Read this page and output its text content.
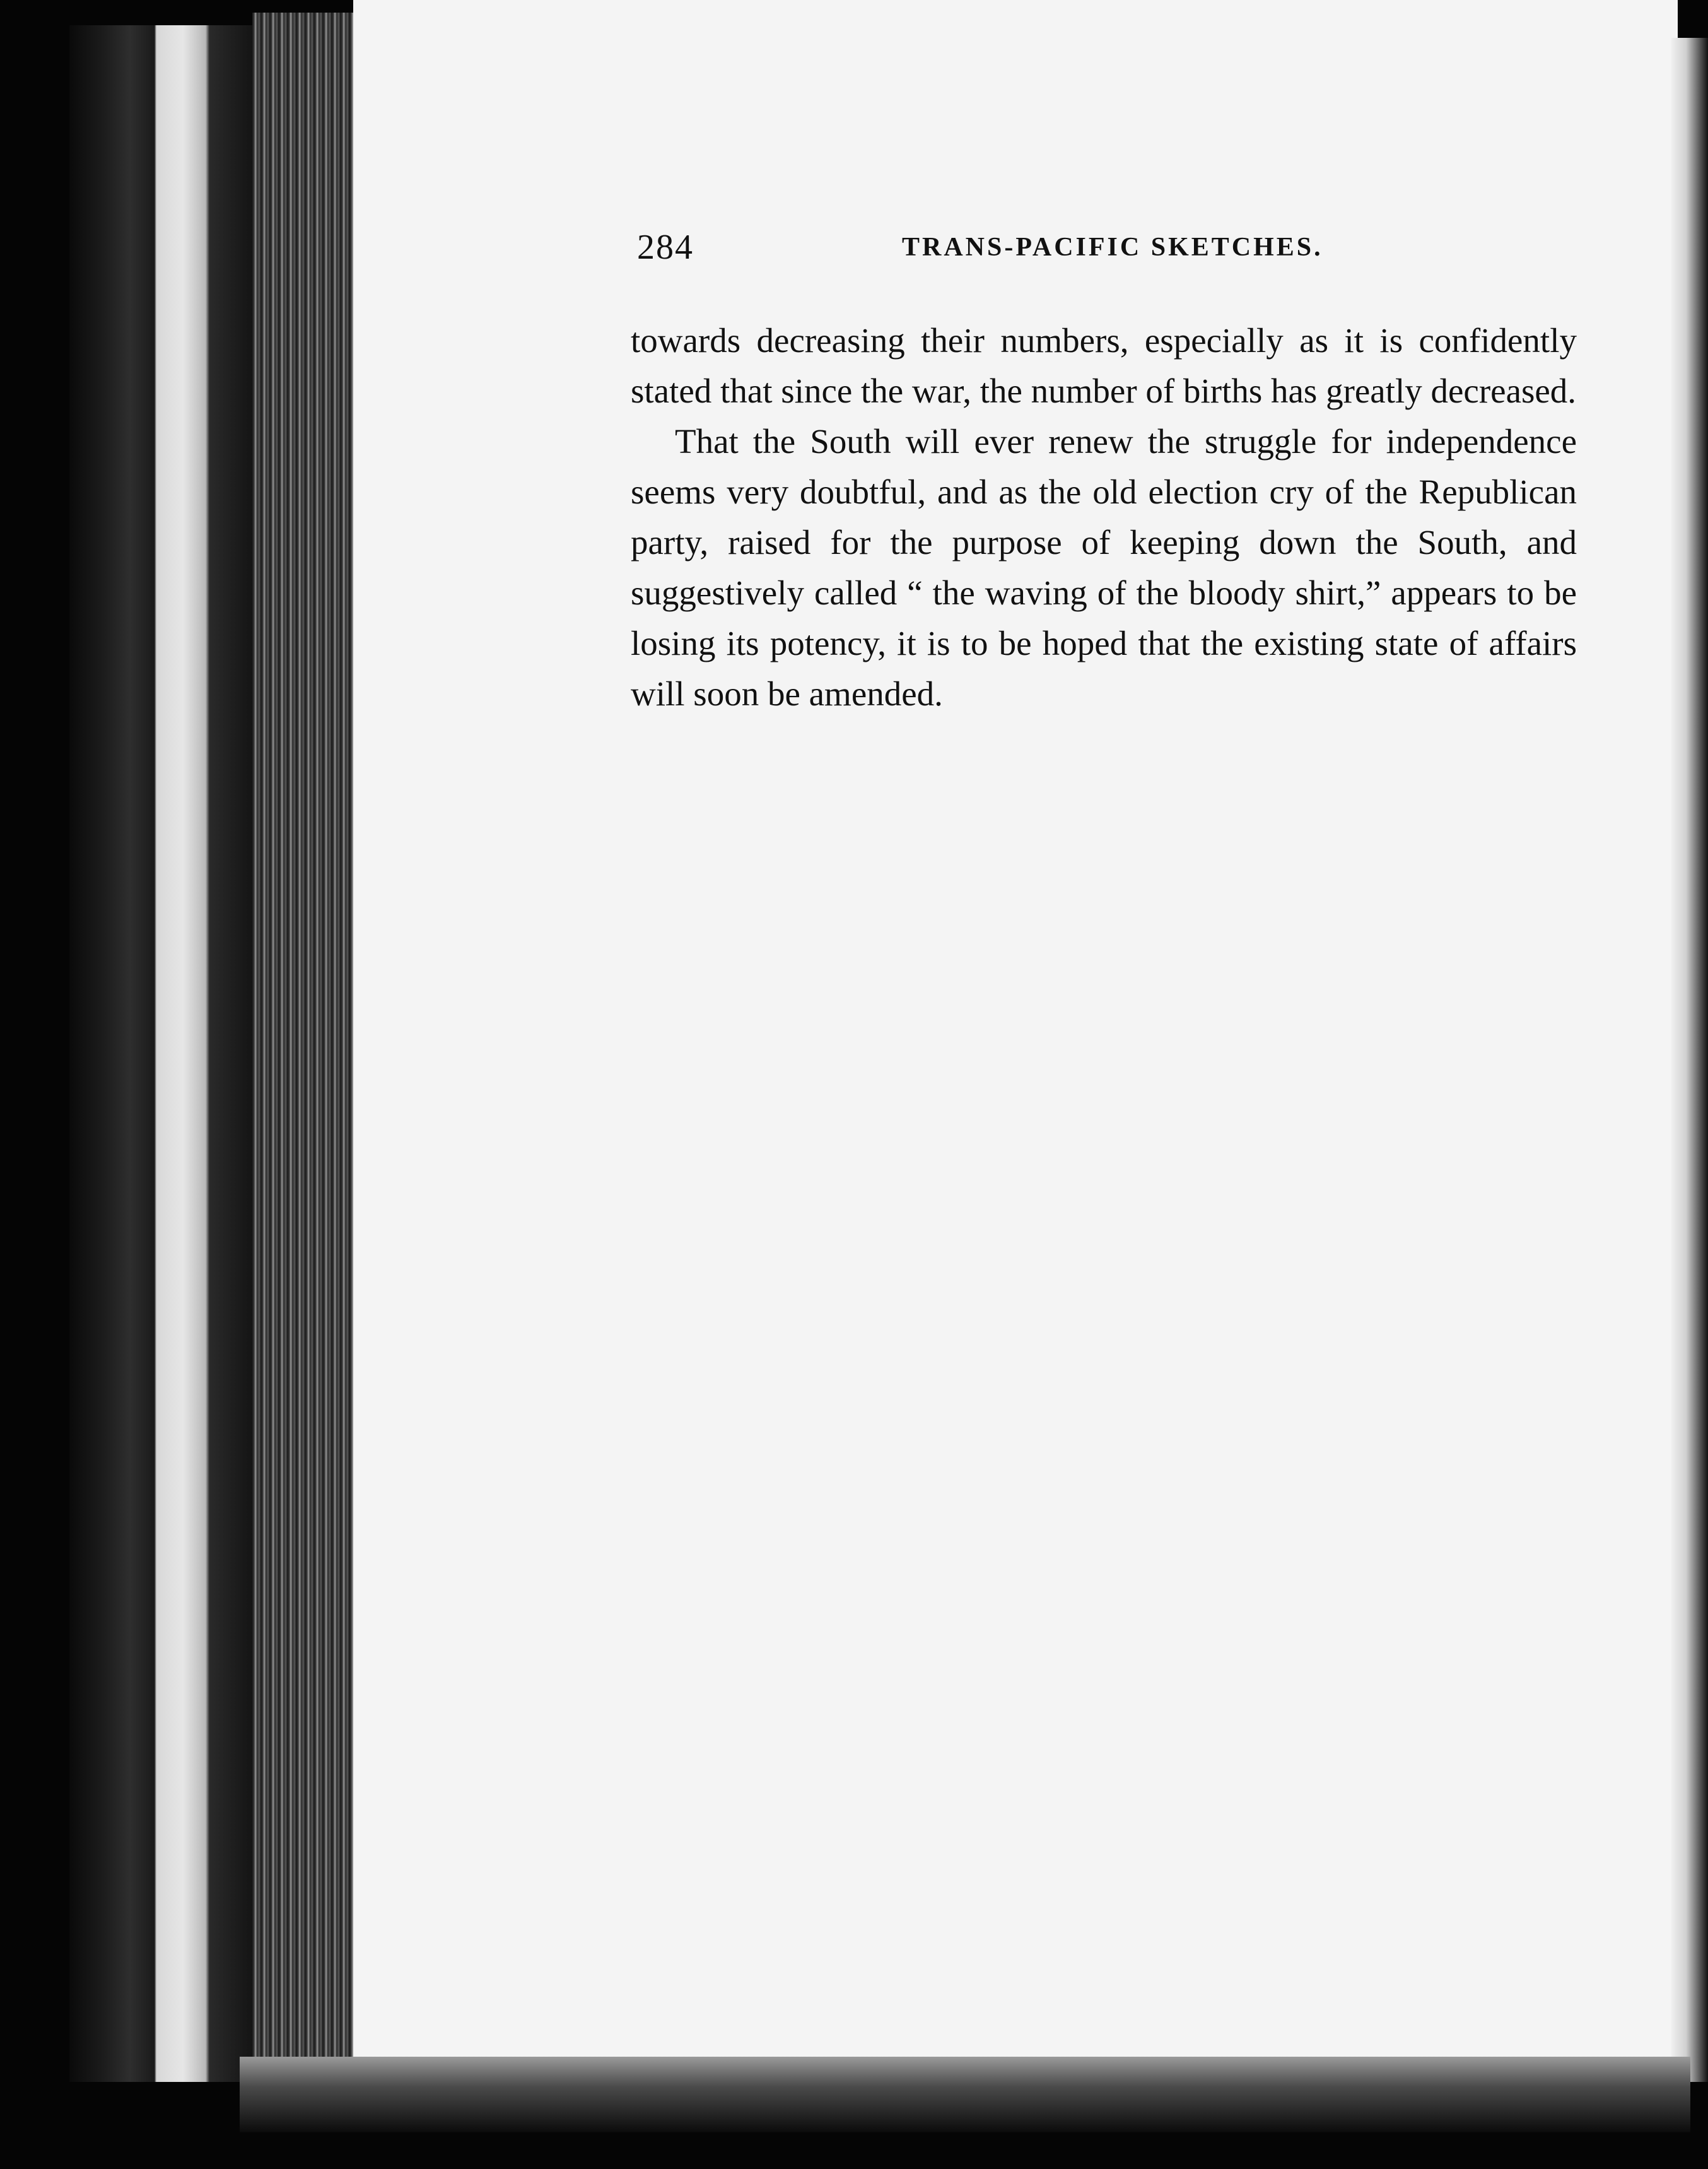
284	TRANS-PACIFIC SKETCHES.

towards decreasing their numbers, especially as it is confidently stated that since the war, the number of births has greatly decreased.

That the South will ever renew the struggle for independence seems very doubtful, and as the old election cry of the Republican party, raised for the purpose of keeping down the South, and suggestively called “ the waving of the bloody shirt,” appears to be losing its potency, it is to be hoped that the existing state of affairs will soon be amended.
